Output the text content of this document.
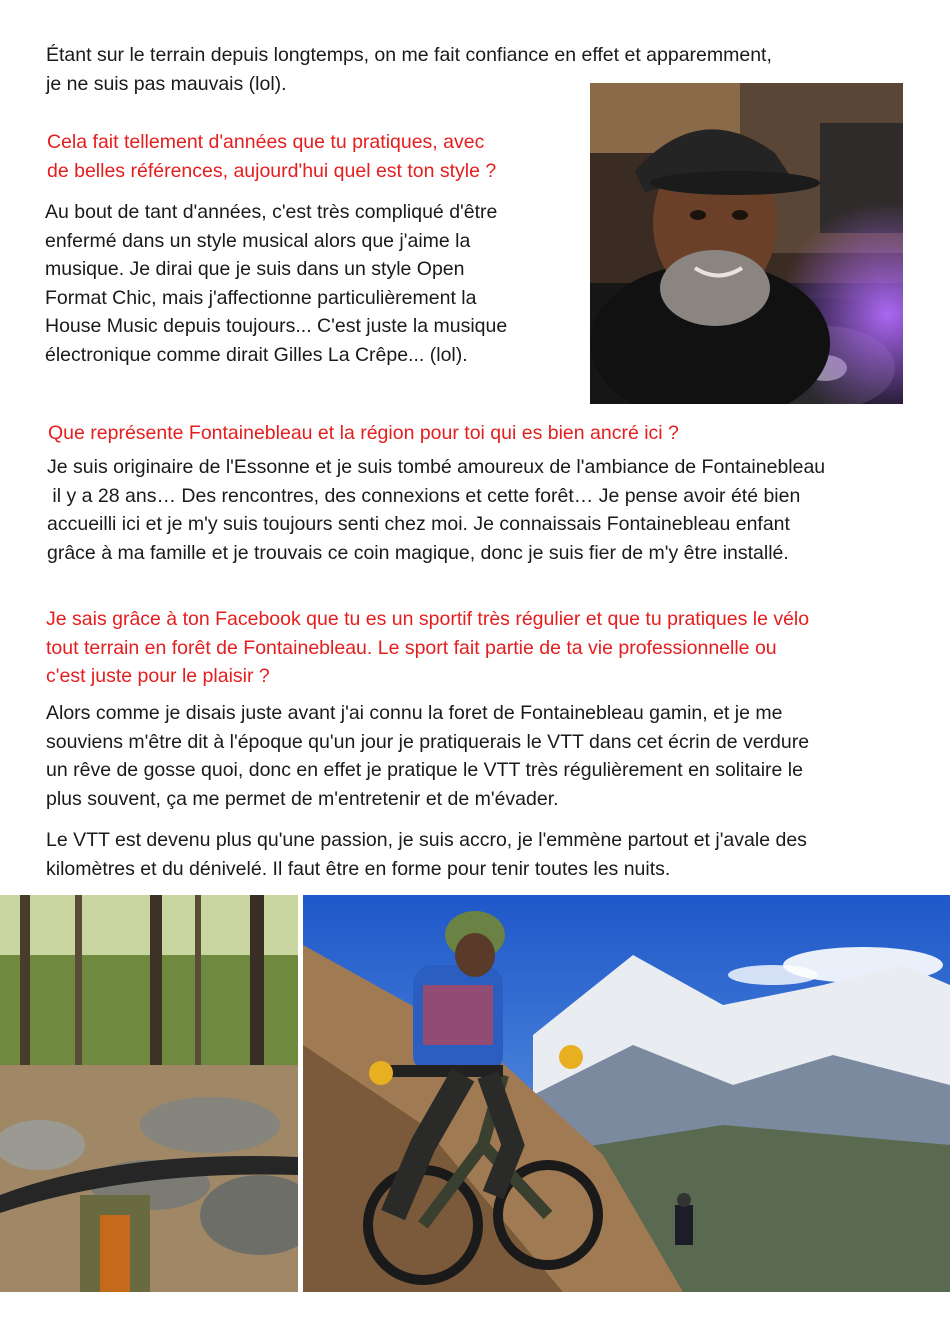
Étant sur le terrain depuis longtemps, on me fait confiance en effet et apparemment,
je ne suis pas mauvais (lol).

Cela fait tellement d'années que tu pratiques, avec
de belles références, aujourd'hui quel est ton style ?

Au bout de tant d'années, c'est très compliqué d'être
enfermé dans un style musical alors que j'aime la
musique. Je dirai que je suis dans un style Open
Format Chic, mais j'affectionne particulièrement la
House Music depuis toujours... C'est juste la musique
électronique comme dirait Gilles La Crêpe... (lol).

Que représente Fontainebleau et la région pour toi qui es bien ancré ici ?

Je suis originaire de l'Essonne et je suis tombé amoureux de l'ambiance de Fontainebleau
il y a 28 ans… Des rencontres, des connexions et cette forêt… Je pense avoir été bien
accueilli ici et je m'y suis toujours senti chez moi. Je connaissais Fontainebleau enfant
grâce à ma famille et je trouvais ce coin magique, donc je suis fier de m'y être installé.

Je sais grâce à ton Facebook que tu es un sportif très régulier et que tu pratiques le vélo
tout terrain en forêt de Fontainebleau. Le sport fait partie de ta vie professionnelle ou
c'est juste pour le plaisir ?

Alors comme je disais juste avant j'ai connu la foret de Fontainebleau gamin, et je me
souviens m'être dit à l'époque qu'un jour je pratiquerais le VTT dans cet écrin de verdure
un rêve de gosse quoi, donc en effet je pratique le VTT très régulièrement en solitaire le
plus souvent, ça me permet de m'entretenir et de m'évader.

Le VTT est devenu plus qu'une passion, je suis accro, je l'emmène partout et j'avale des
kilomètres et du dénivelé. Il faut être en forme pour tenir toutes les nuits.
